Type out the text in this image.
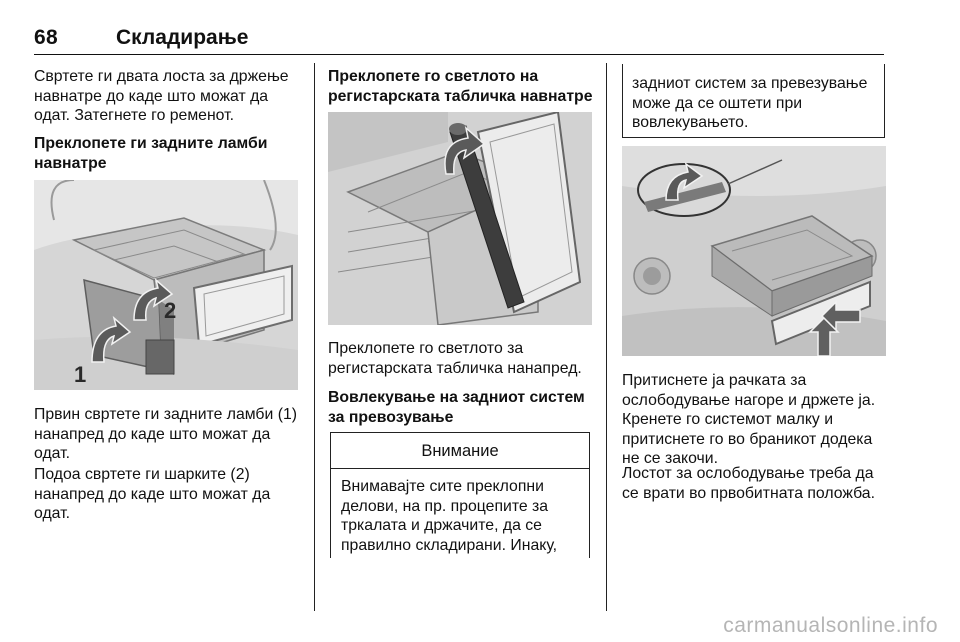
68	Складирање

Свртете ги двата лоста за држење навнатре до каде што можат да одат. Затегнете го ременот.

Преклопете ги задните ламби навнатре

1
2

Првин свртете ги задните ламби (1) нанапред до каде што можат да одат.

Подоа свртете ги шарките (2) нанапред до каде што можат да одат.

Преклопете го светлото на регистарската табличка навнатре

Преклопете го светлото за регистарската табличка нанапред.

Вовлекување на задниот систем за превозување

Внимание

Внимавајте сите преклопни делови, на пр. процепите за тркалата и држачите, да се правилно складирани. Инаку,

задниот систем за превезување може да се оштети при вовлекувањето.

Притиснете ја рачката за ослободување нагоре и држете ја. Кренете го системот малку и притиснете го во браникот додека не се закочи.

Лостот за ослободување треба да се врати во првобитната положба.

carmanualsonline.info
